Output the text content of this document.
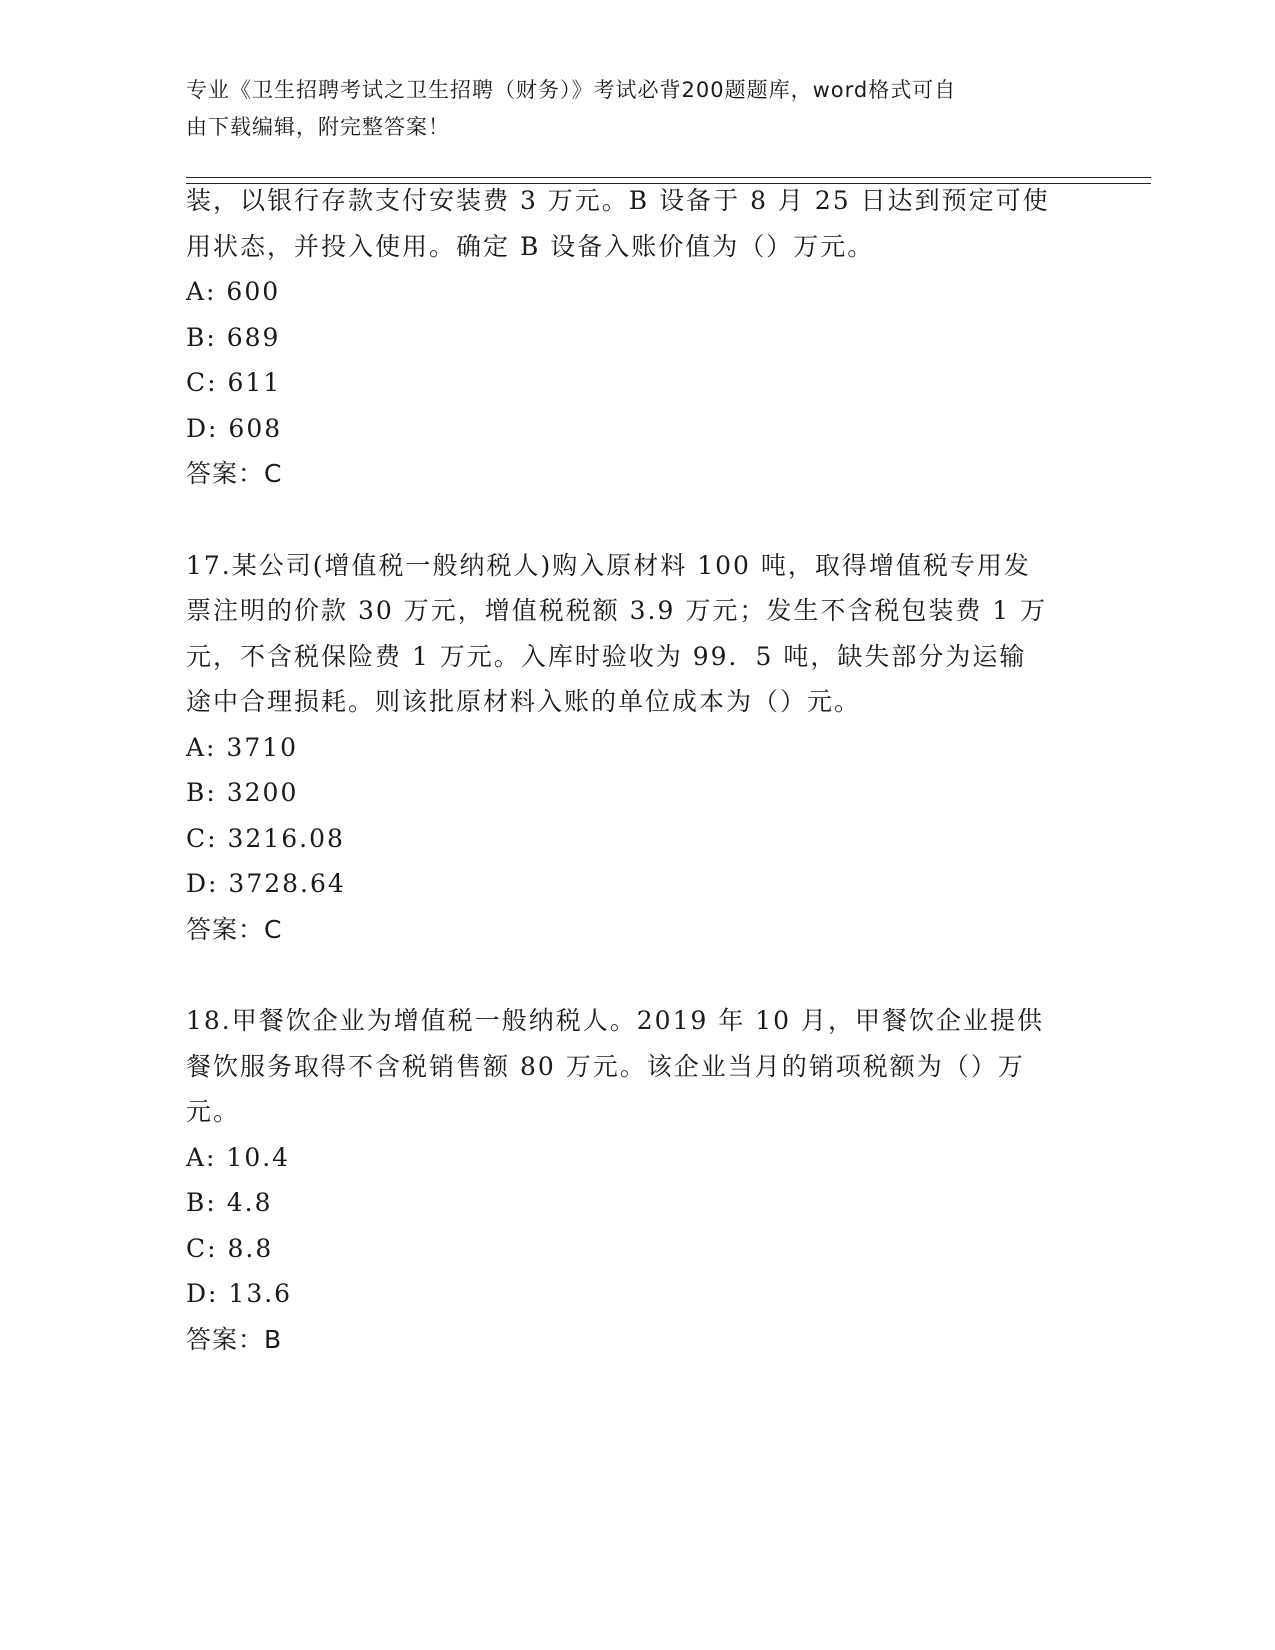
专业《卫生招聘考试之卫生招聘（财务）》考试必背200题题库，word格式可自
由下载编辑，附完整答案！
装，以银行存款支付安装费 3 万元。B 设备于 8 月 25 日达到预定可使
用状态，并投入使用。确定 B 设备入账价值为（）万元。
A: 600
B: 689
C: 611
D: 608
答案：C
17.某公司(增值税一般纳税人)购入原材料 100 吨，取得增值税专用发
票注明的价款 30 万元，增值税税额 3.9 万元；发生不含税包装费 1 万
元，不含税保险费 1 万元。入库时验收为 99．5 吨，缺失部分为运输
途中合理损耗。则该批原材料入账的单位成本为（）元。
A: 3710
B: 3200
C: 3216.08
D: 3728.64
答案：C
18.甲餐饮企业为增值税一般纳税人。2019 年 10 月，甲餐饮企业提供
餐饮服务取得不含税销售额 80 万元。该企业当月的销项税额为（）万
元。
A: 10.4
B: 4.8
C: 8.8
D: 13.6
答案：B
